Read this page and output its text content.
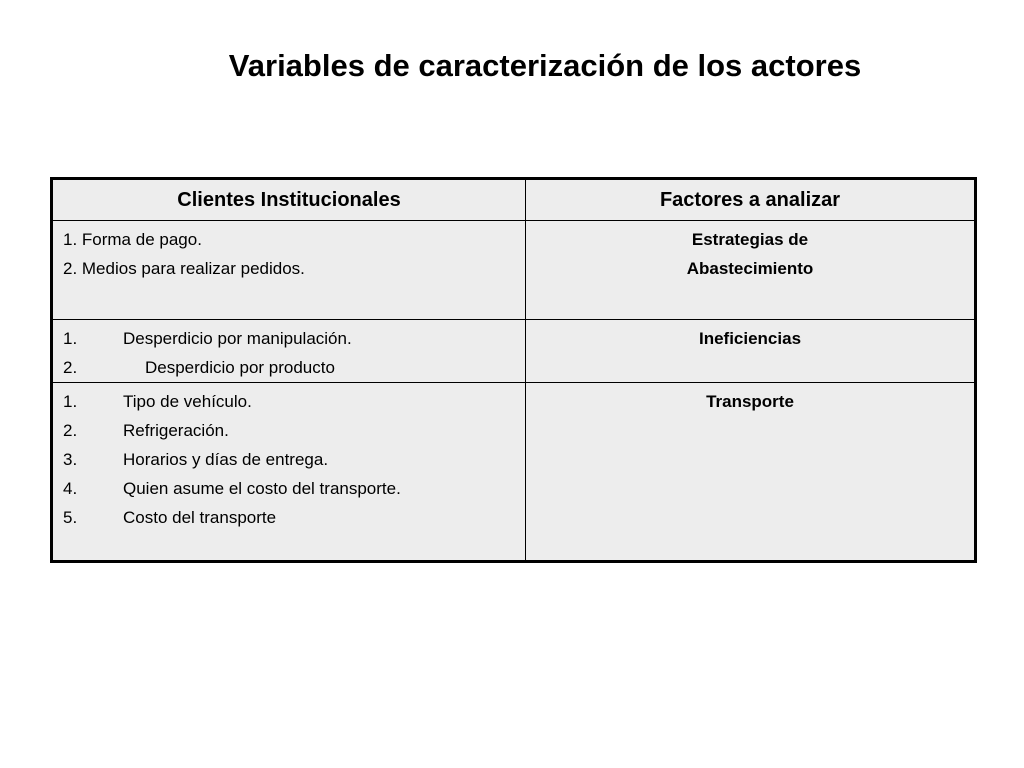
Variables de caracterización de los actores
Clientes Institucionales	Factores a analizar

1. Forma de pago.
2. Medios para realizar pedidos.	Estrategias de
Abastecimiento

1. Desperdicio por manipulación.
2. Desperdicio por producto	Ineficiencias

1. Tipo de vehículo.
2. Refrigeración.
3. Horarios y días de entrega.
4. Quien asume el costo del transporte.
5. Costo del transporte	Transporte
